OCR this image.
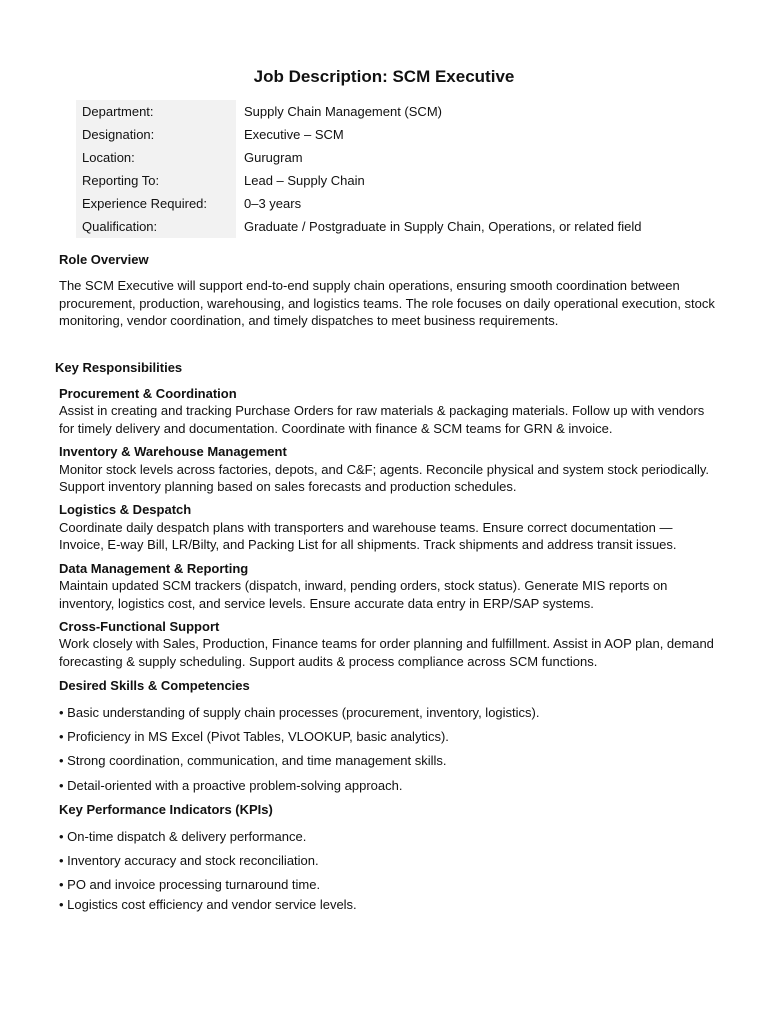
Job Description: SCM Executive
Department:	Supply Chain Management (SCM)
Designation:	Executive – SCM
Location:	Gurugram
Reporting To:	Lead – Supply Chain
Experience Required:	0–3 years
Qualification:	Graduate / Postgraduate in Supply Chain, Operations, or related field
Role Overview

The SCM Executive will support end-to-end supply chain operations, ensuring smooth coordination between procurement, production, warehousing, and logistics teams. The role focuses on daily operational execution, stock monitoring, vendor coordination, and timely dispatches to meet business requirements.

Key Responsibilities
Procurement & Coordination

Assist in creating and tracking Purchase Orders for raw materials & packaging materials. Follow up with vendors for timely delivery and documentation. Coordinate with finance & SCM teams for GRN & invoice.

Inventory & Warehouse Management

Monitor stock levels across factories, depots, and C&F; agents. Reconcile physical and system stock periodically. Support inventory planning based on sales forecasts and production schedules.

Logistics & Despatch

Coordinate daily despatch plans with transporters and warehouse teams. Ensure correct documentation — Invoice, E-way Bill, LR/Bilty, and Packing List for all shipments. Track shipments and address transit issues.

Data Management & Reporting

Maintain updated SCM trackers (dispatch, inward, pending orders, stock status). Generate MIS reports on inventory, logistics cost, and service levels. Ensure accurate data entry in ERP/SAP systems.

Cross-Functional Support

Work closely with Sales, Production, Finance teams for order planning and fulfillment. Assist in AOP plan, demand forecasting & supply scheduling. Support audits & process compliance across SCM functions.

Desired Skills & Competencies
• Basic understanding of supply chain processes (procurement, inventory, logistics).
• Proficiency in MS Excel (Pivot Tables, VLOOKUP, basic analytics).
• Strong coordination, communication, and time management skills.
• Detail-oriented with a proactive problem-solving approach.
Key Performance Indicators (KPIs)
• On-time dispatch & delivery performance.
• Inventory accuracy and stock reconciliation.
• PO and invoice processing turnaround time.
• Logistics cost efficiency and vendor service levels.
